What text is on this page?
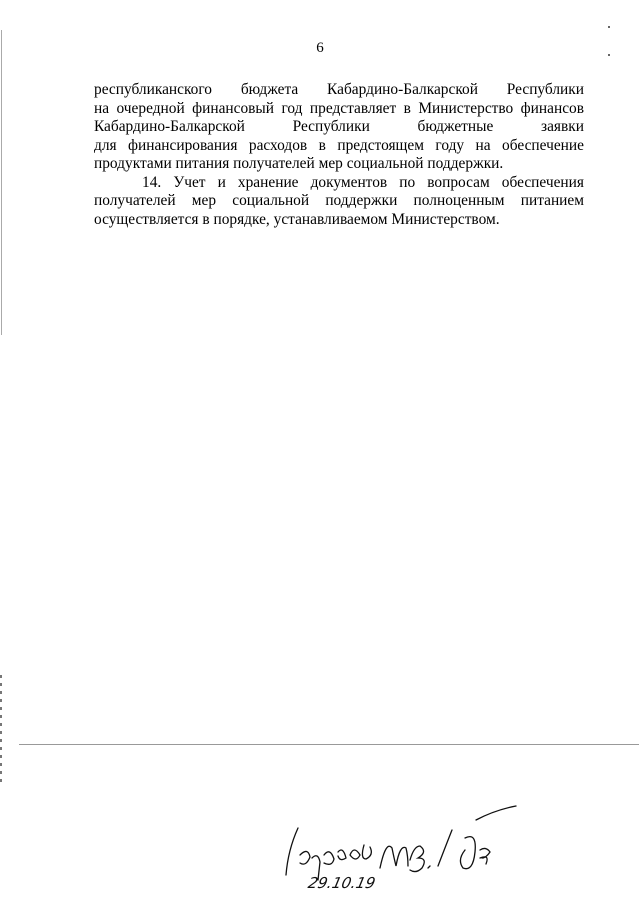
6
республиканского бюджета Кабардино-Балкарской Республики
на очередной финансовый год представляет в Министерство финансов
Кабардино-Балкарской Республики бюджетные заявки
для финансирования расходов в предстоящем году на обеспечение
продуктами питания получателей мер социальной поддержки.
14. Учет и хранение документов по вопросам обеспечения
получателей мер социальной поддержки полноценным питанием
осуществляется в порядке, устанавливаемом Министерством.
29.10.19
